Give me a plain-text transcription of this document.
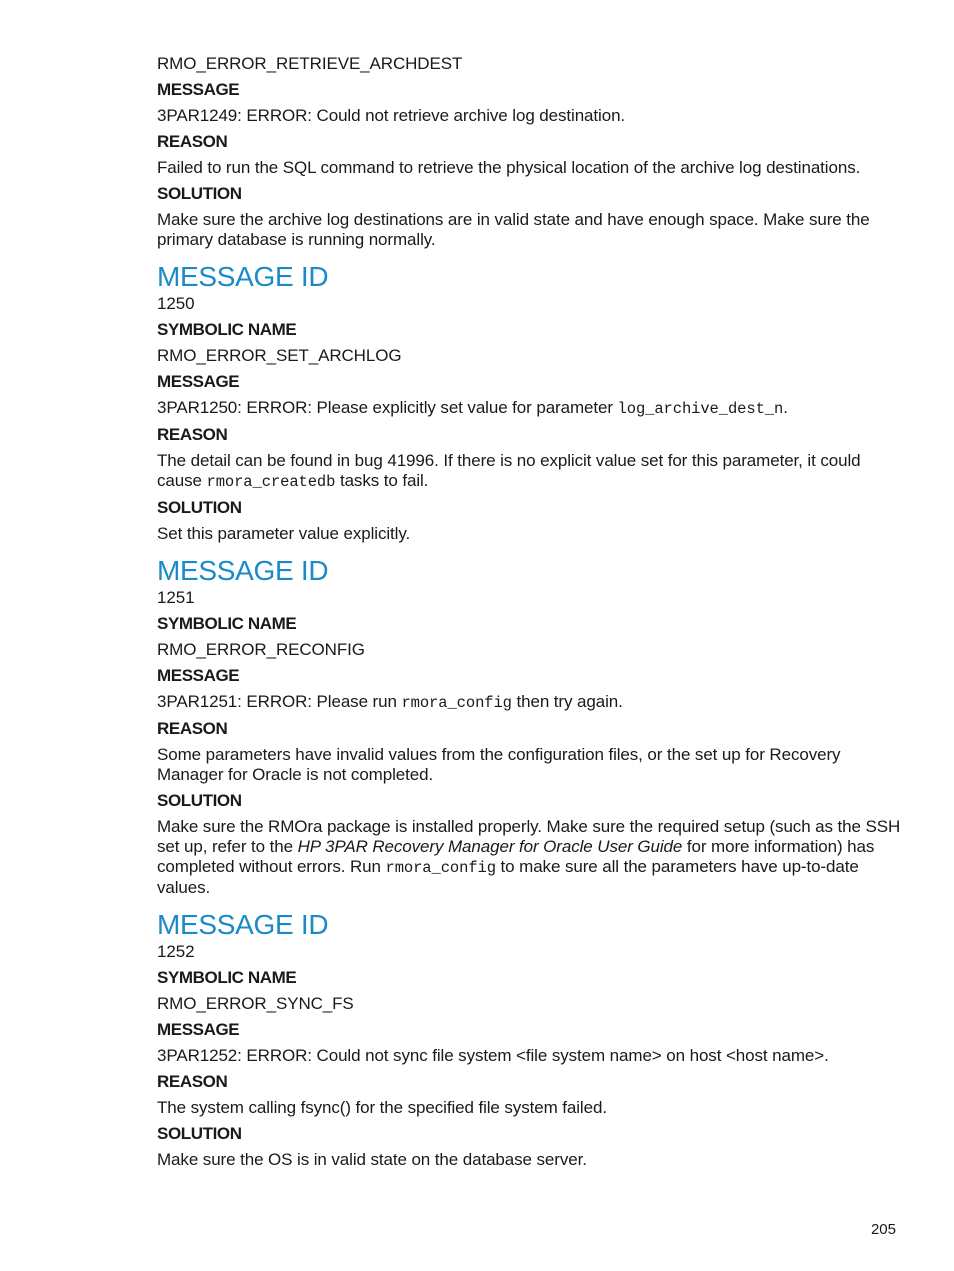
RMO_ERROR_RETRIEVE_ARCHDEST

MESSAGE

3PAR1249: ERROR: Could not retrieve archive log destination.

REASON

Failed to run the SQL command to retrieve the physical location of the archive log destinations.

SOLUTION

Make sure the archive log destinations are in valid state and have enough space. Make sure the primary database is running normally.

MESSAGE ID

1250

SYMBOLIC NAME

RMO_ERROR_SET_ARCHLOG

MESSAGE

3PAR1250: ERROR: Please explicitly set value for parameter log_archive_dest_n.

REASON

The detail can be found in bug 41996. If there is no explicit value set for this parameter, it could cause rmora_createdb tasks to fail.

SOLUTION

Set this parameter value explicitly.

MESSAGE ID

1251

SYMBOLIC NAME

RMO_ERROR_RECONFIG

MESSAGE

3PAR1251: ERROR: Please run rmora_config then try again.

REASON

Some parameters have invalid values from the configuration files, or the set up for Recovery Manager for Oracle is not completed.

SOLUTION

Make sure the RMOra package is installed properly. Make sure the required setup (such as the SSH set up, refer to the HP 3PAR Recovery Manager for Oracle User Guide for more information) has completed without errors. Run rmora_config to make sure all the parameters have up-to-date values.

MESSAGE ID

1252

SYMBOLIC NAME

RMO_ERROR_SYNC_FS

MESSAGE

3PAR1252: ERROR: Could not sync file system <file system name> on host <host name>.

REASON

The system calling fsync() for the specified file system failed.

SOLUTION

Make sure the OS is in valid state on the database server.

205
